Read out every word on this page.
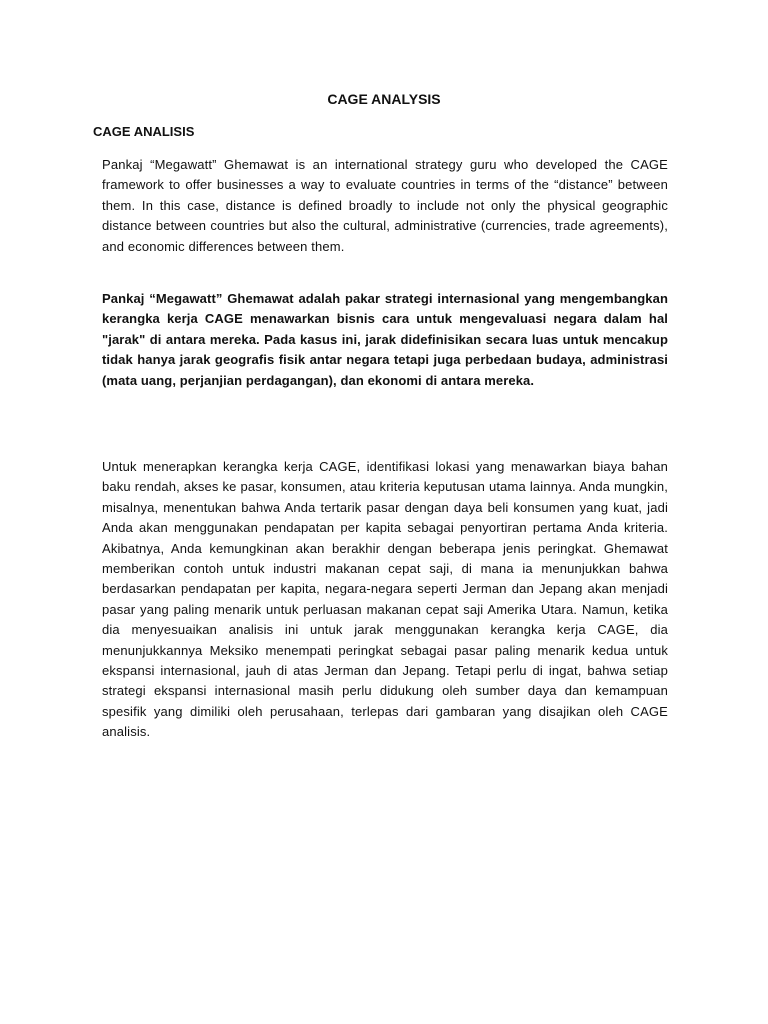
CAGE ANALYSIS
CAGE ANALISIS

Pankaj “Megawatt” Ghemawat is an international strategy guru who developed the CAGE framework to offer businesses a way to evaluate countries in terms of the “distance” between them. In this case, distance is defined broadly to include not only the physical geographic distance between countries but also the cultural, administrative (currencies, trade agreements), and economic differences between them.

Pankaj “Megawatt” Ghemawat adalah pakar strategi internasional yang mengembangkan kerangka kerja CAGE menawarkan bisnis cara untuk mengevaluasi negara dalam hal "jarak" di antara mereka. Pada kasus ini, jarak didefinisikan secara luas untuk mencakup tidak hanya jarak geografis fisik antar negara tetapi juga perbedaan budaya, administrasi (mata uang, perjanjian perdagangan), dan ekonomi di antara mereka.

Untuk menerapkan kerangka kerja CAGE, identifikasi lokasi yang menawarkan biaya bahan baku rendah, akses ke pasar, konsumen, atau kriteria keputusan utama lainnya. Anda mungkin, misalnya, menentukan bahwa Anda tertarik pasar dengan daya beli konsumen yang kuat, jadi Anda akan menggunakan pendapatan per kapita sebagai penyortiran pertama Anda kriteria. Akibatnya, Anda kemungkinan akan berakhir dengan beberapa jenis peringkat. Ghemawat memberikan contoh untuk industri makanan cepat saji, di mana ia menunjukkan bahwa berdasarkan pendapatan per kapita, negara-negara seperti Jerman dan Jepang akan menjadi pasar yang paling menarik untuk perluasan makanan cepat saji Amerika Utara. Namun, ketika dia menyesuaikan analisis ini untuk jarak menggunakan kerangka kerja CAGE, dia menunjukkannya Meksiko menempati peringkat sebagai pasar paling menarik kedua untuk ekspansi internasional, jauh di atas Jerman dan Jepang. Tetapi perlu di ingat, bahwa setiap strategi ekspansi internasional masih perlu didukung oleh sumber daya dan kemampuan spesifik yang dimiliki oleh perusahaan, terlepas dari gambaran yang disajikan oleh CAGE analisis.
